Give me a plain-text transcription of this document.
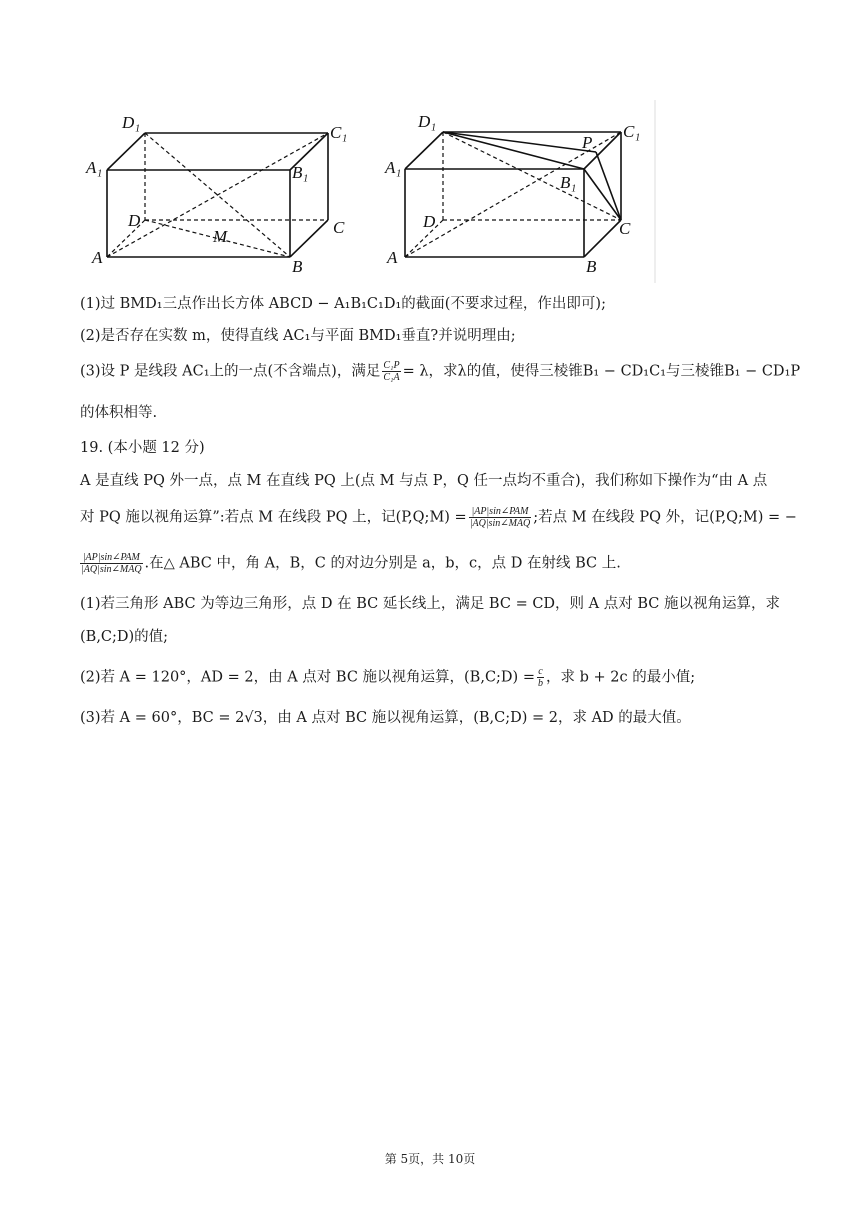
D₁
C₁
A₁	B₁
D	C
M
A	B
D₁
P
C₁
A₁
B₁
D	C
A	B
(1)过 BMD₁三点作出长方体 ABCD − A₁B₁C₁D₁的截面(不要求过程，作出即可);
(2)是否存在实数 m，使得直线 AC₁与平面 BMD₁垂直?并说明理由;
(3)设 P 是线段 AC₁上的一点(不含端点)，满足 $\frac{\text{C₁P}}{\text{C₁A}} = \lambda$，求λ的值，使得三棱锥B₁ − CD₁C₁与三棱锥B₁ − CD₁P
的体积相等.
19. (本小题 12 分)
A 是直线 PQ 外一点，点 M 在直线 PQ 上(点 M 与点 P，Q 任一点均不重合)，我们称如下操作为“由 A 点
对 PQ 施以视角运算”:若点 M 在线段 PQ 上，记(P,Q;M) = $\frac{\text{|AP|sin∠PAM}}{\text{|AQ|sin∠MAQ}}$ ;若点 M 在线段 PQ 外，记(P,Q;M) = −
$\frac{\text{|AP|sin∠PAM}}{\text{|AQ|sin∠MAQ}}$ .在△ ABC 中，角 A，B，C 的对边分别是 a，b，c，点 D 在射线 BC 上.
(1)若三角形 ABC 为等边三角形，点 D 在 BC 延长线上，满足 BC = CD，则 A 点对 BC 施以视角运算，求
(B,C;D)的值;
(2)若 A = 120°，AD = 2，由 A 点对 BC 施以视角运算，(B,C;D) = $\frac{c}{b}$ ，求 b + 2c 的最小值;
(3)若 A = 60°，BC = 2√3，由 A 点对 BC 施以视角运算，(B,C;D) = 2，求 AD 的最大值。
第 5页，共 10页
